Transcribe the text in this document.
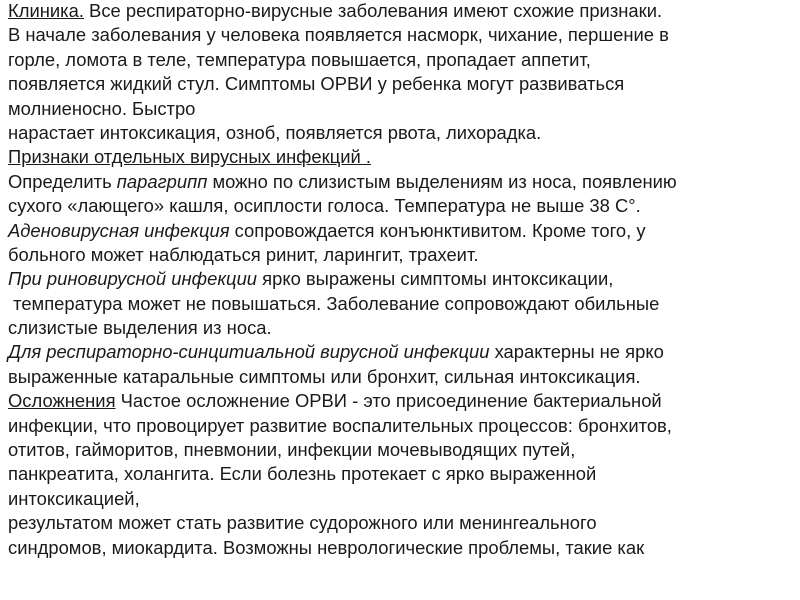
Клиника. Все респираторно-вирусные заболевания имеют схожие признаки.
В начале заболевания у человека появляется насморк, чихание, першение в
горле, ломота в теле, температура повышается, пропадает аппетит,
появляется жидкий стул. Симптомы ОРВИ у ребенка могут развиваться
молниеносно. Быстро
нарастает интоксикация, озноб, появляется рвота, лихорадка.
Признаки отдельных вирусных инфекций .
Определить парагрипп можно по слизистым выделениям из носа, появлению
сухого «лающего» кашля, осиплости голоса. Температура не выше 38 С°.
Аденовирусная инфекция сопровождается конъюнктивитом. Кроме того, у
больного может наблюдаться ринит, ларингит, трахеит.
При риновирусной инфекции ярко выражены симптомы интоксикации,
температура может не повышаться. Заболевание сопровождают обильные
слизистые выделения из носа.
Для респираторно-синцитиальной вирусной инфекции характерны не ярко
выраженные катаральные симптомы или бронхит, сильная интоксикация.
Осложнения Частое осложнение ОРВИ - это присоединение бактериальной
инфекции, что провоцирует развитие воспалительных процессов: бронхитов,
отитов, гайморитов, пневмонии, инфекции мочевыводящих путей,
панкреатита, холангита. Если болезнь протекает с ярко выраженной
интоксикацией,
результатом может стать развитие судорожного или менингеального
синдромов, миокардита. Возможны неврологические проблемы, такие как
